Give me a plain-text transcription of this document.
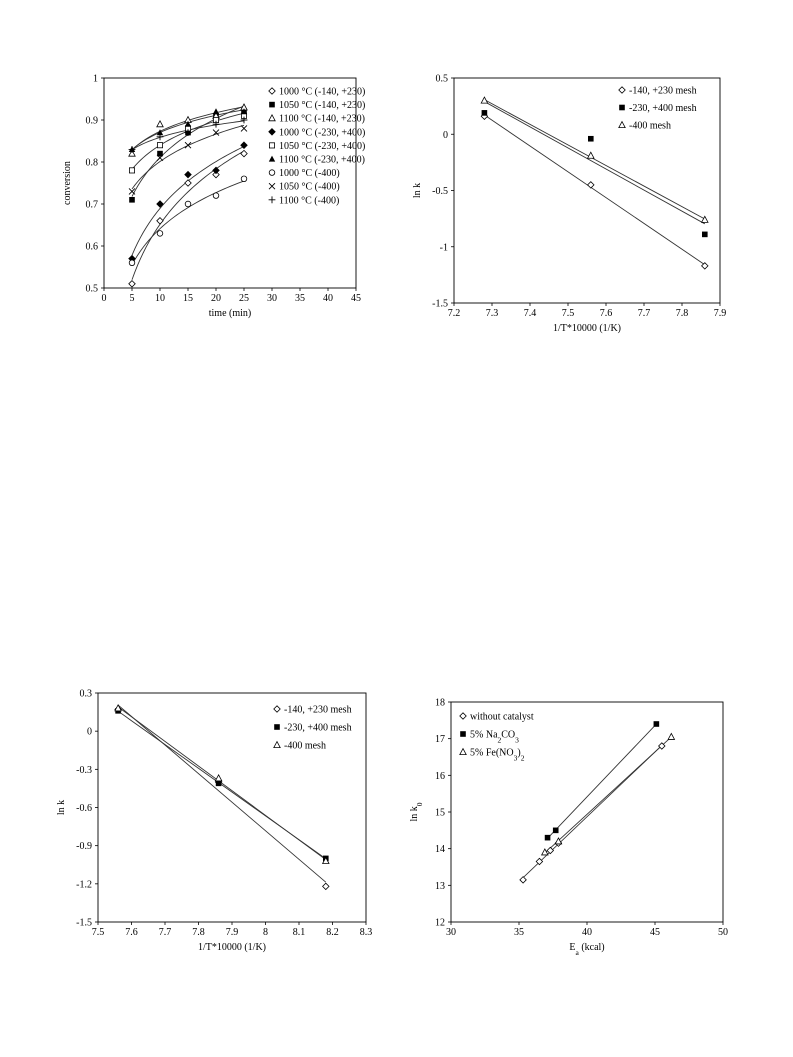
0 5 10 15 20 25 30 35 40 45
0.5
0.6
0.7
0.8
0.9
1
time (min)
conversion
1000 °C (-140, +230)
1050 °C (-140, +230)
1100 °C (-140, +230)
1000 °C (-230, +400)
1050 °C (-230, +400)
1100 °C (-230, +400)
1000 °C (-400)
1050 °C (-400)
1100 °C (-400)
7.2	7.3	7.4	7.5	7.6	7.7	7.8	7.9
-1.5
-1
-0.5
0
0.5
1/T*10000 (1/K)
ln k
-140, +230 mesh
-230, +400 mesh
-400 mesh
7.5 7.6 7.7 7.8 7.9 8 8.1 8.2 8.3
-1.5
-1.2
-0.9
-0.6
-0.3
0
0.3
1/T*10000 (1/K)
ln k
-140, +230 mesh
-230, +400 mesh
-400 mesh
30	35	40	45	50
12
13
14
15
16
17
18
$E_a$ (kcal)
$\ln k_0$
without catalyst
5% $Na_2CO_3$
5% $Fe(NO_3)_2$
